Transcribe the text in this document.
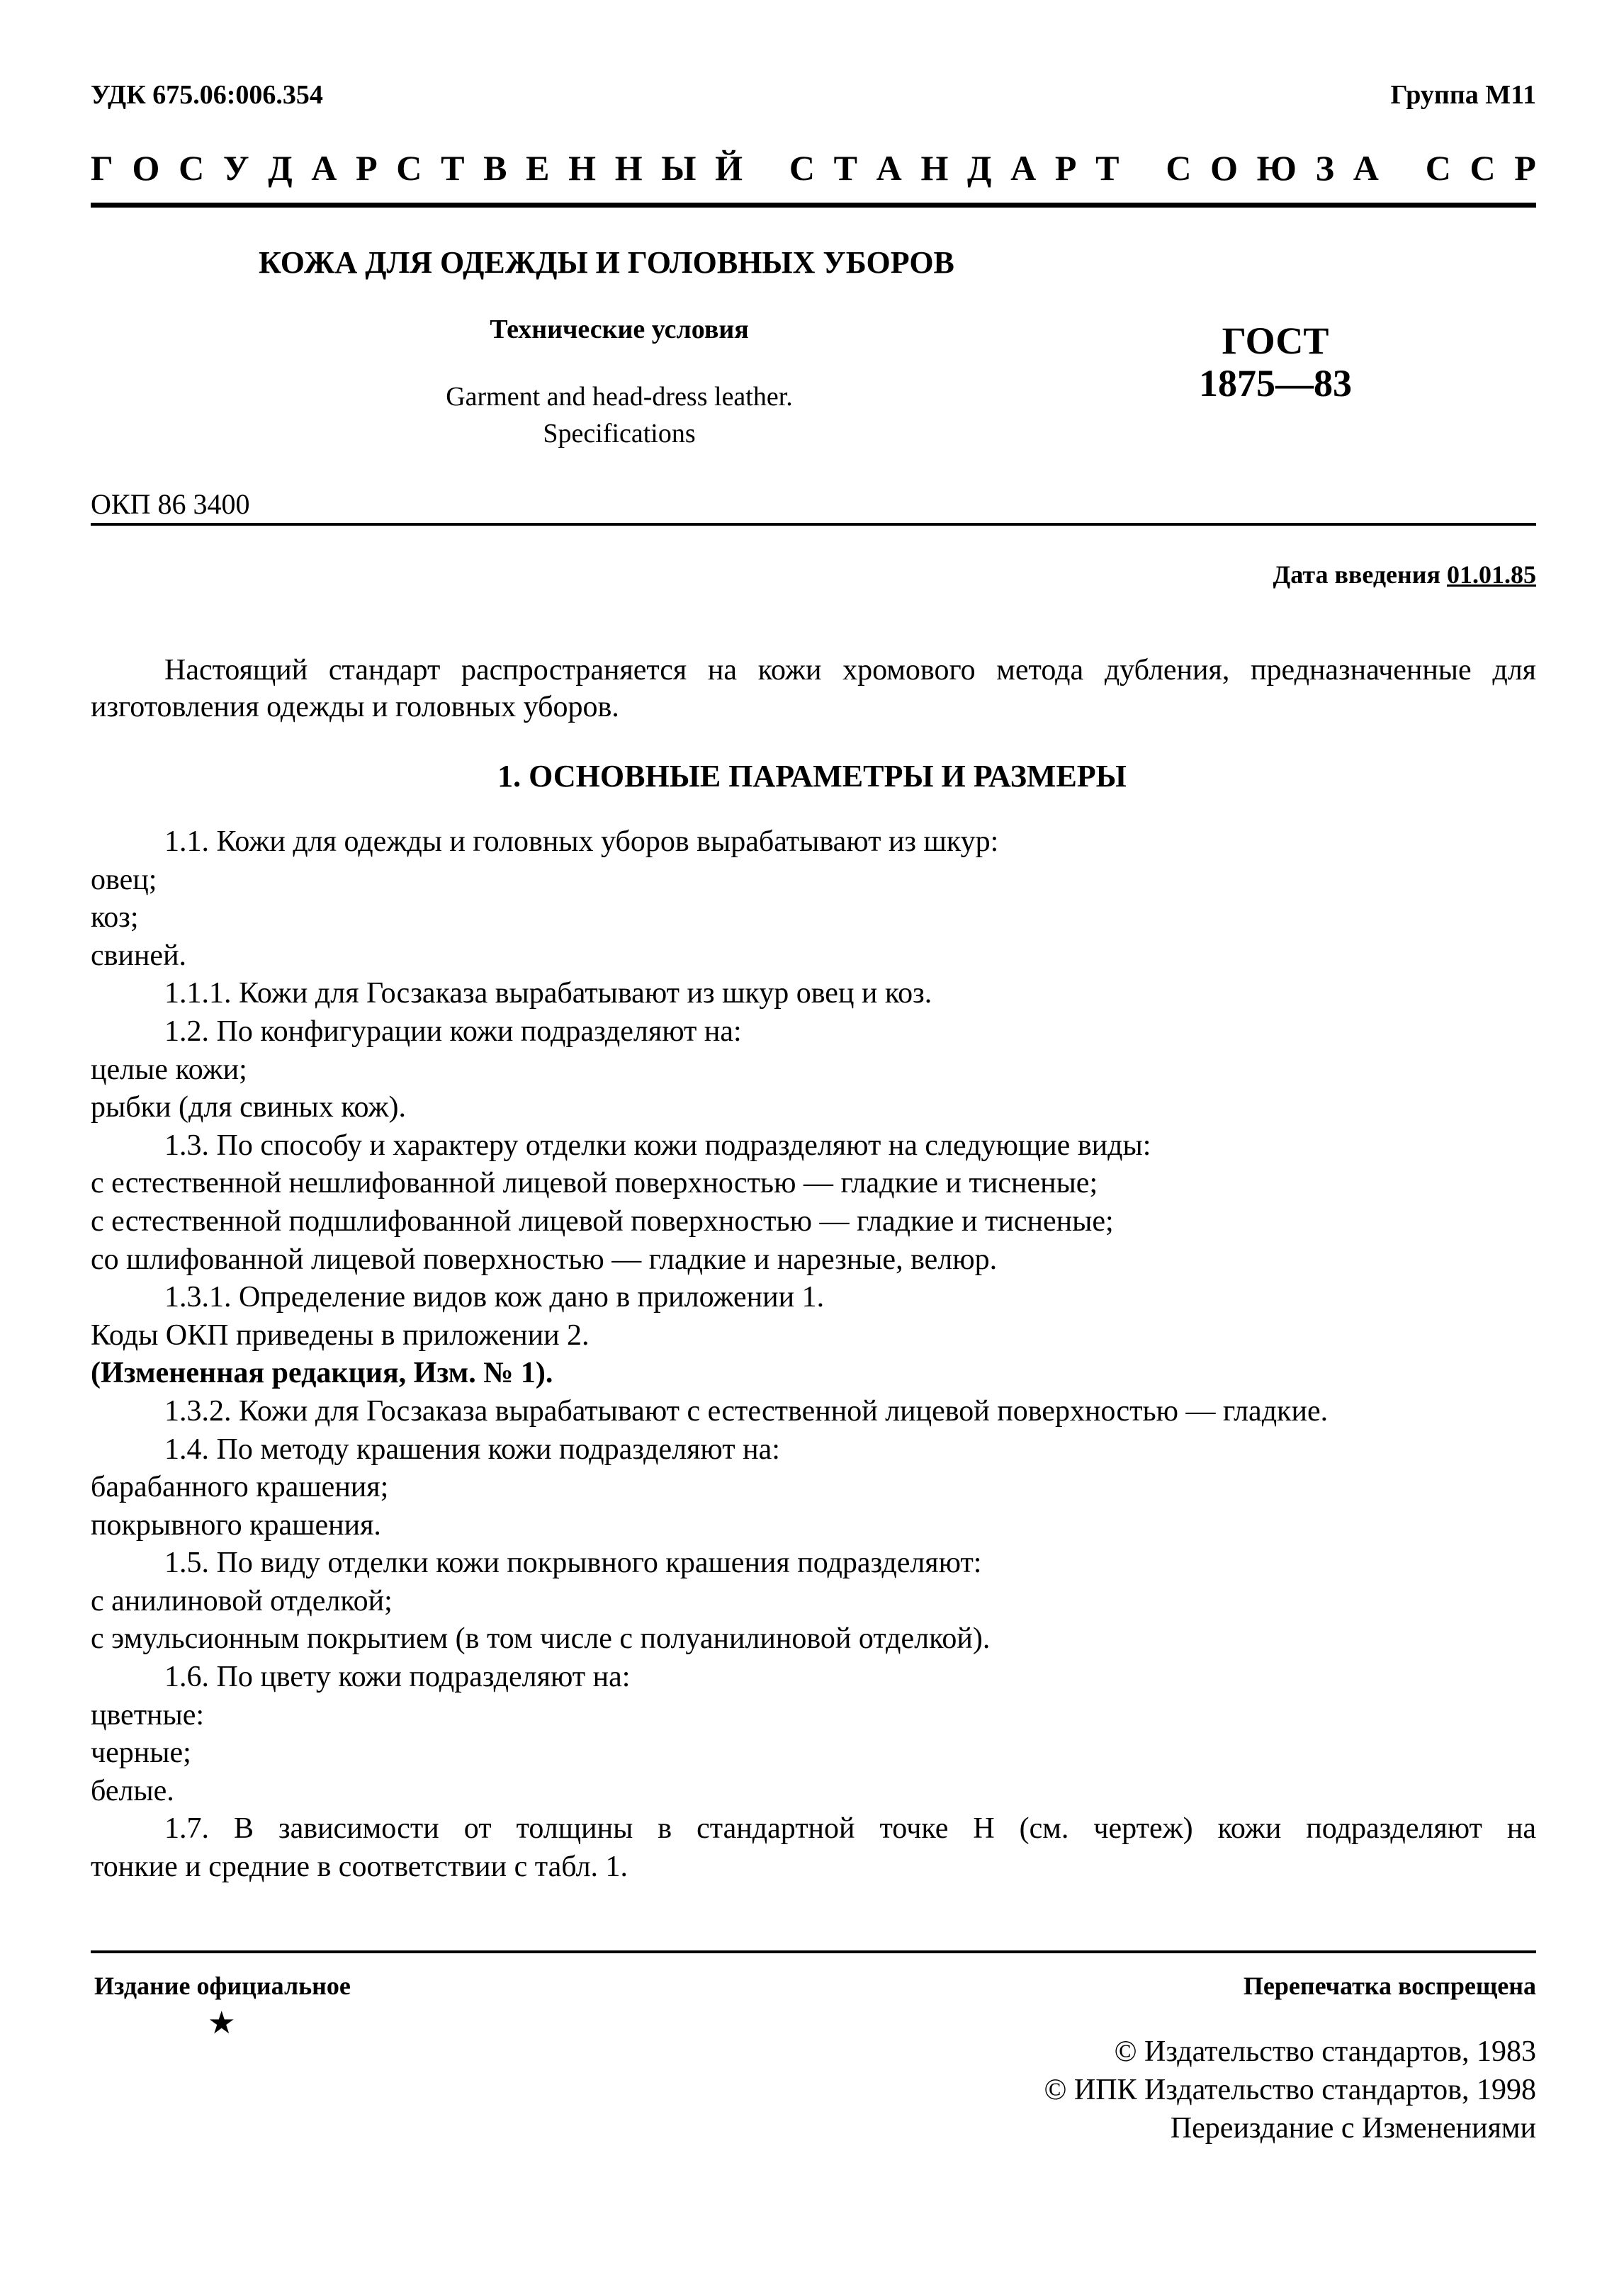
УДК 675.06:006.354	Группа М11
Г О С У Д А Р С Т В Е Н Н Ы Й
С Т А Н Д А Р Т
С О Ю З А
С С Р
КОЖА ДЛЯ ОДЕЖДЫ И ГОЛОВНЫХ УБОРОВ
Технические условия
Garment and head-dress leather.
Specifications
ГОСТ
1875—83
ОКП 86 3400
Дата введения 01.01.85
Настоящий стандарт распространяется на кожи хромового метода дубления, предназначенные для изготовления одежды и головных уборов.
1. ОСНОВНЫЕ ПАРАМЕТРЫ И РАЗМЕРЫ
1.1. Кожи для одежды и головных уборов вырабатывают из шкур:
овец;
коз;
свиней.
1.1.1. Кожи для Госзаказа вырабатывают из шкур овец и коз.
1.2. По конфигурации кожи подразделяют на:
целые кожи;
рыбки (для свиных кож).
1.3. По способу и характеру отделки кожи подразделяют на следующие виды:
с естественной нешлифованной лицевой поверхностью — гладкие и тисненые;
с естественной подшлифованной лицевой поверхностью — гладкие и тисненые;
со шлифованной лицевой поверхностью — гладкие и нарезные, велюр.
1.3.1. Определение видов кож дано в приложении 1.
Коды ОКП приведены в приложении 2.
(Измененная редакция, Изм. № 1).
1.3.2. Кожи для Госзаказа вырабатывают с естественной лицевой поверхностью — гладкие.
1.4. По методу крашения кожи подразделяют на:
барабанного крашения;
покрывного крашения.
1.5. По виду отделки кожи покрывного крашения подразделяют:
с анилиновой отделкой;
с эмульсионным покрытием (в том числе с полуанилиновой отделкой).
1.6. По цвету кожи подразделяют на:
цветные:
черные;
белые.
1.7. В зависимости от толщины в стандартной точке Н (см. чертеж) кожи подразделяют на
тонкие и средние в соответствии с табл. 1.
Издание официальное	Перепечатка воспрещена
★
© Издательство стандартов, 1983
© ИПК Издательство стандартов, 1998
Переиздание с Изменениями
